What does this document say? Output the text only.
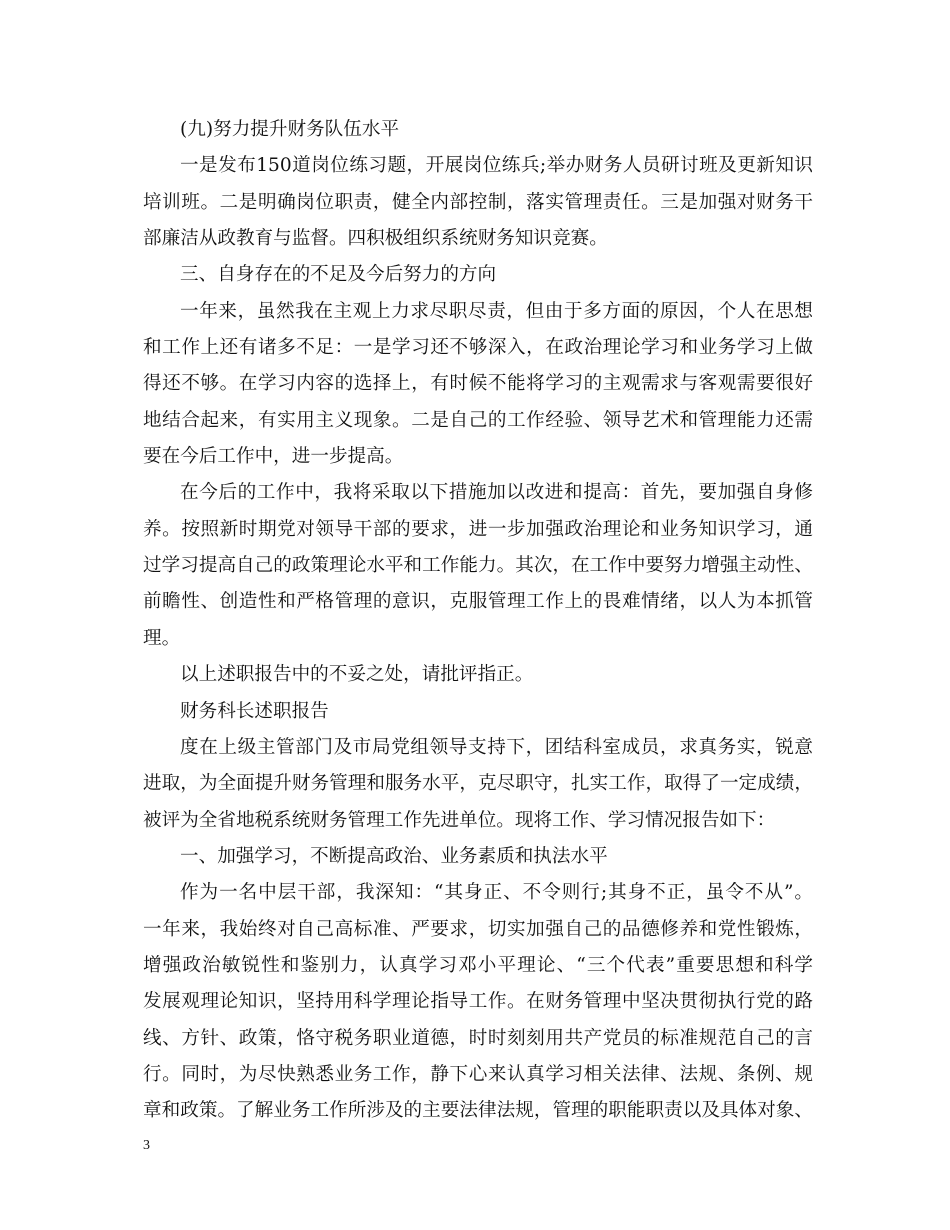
(九)努力提升财务队伍水平
一是发布150道岗位练习题，开展岗位练兵;举办财务人员研讨班及更新知识
培训班。二是明确岗位职责，健全内部控制，落实管理责任。三是加强对财务干
部廉洁从政教育与监督。四积极组织系统财务知识竞赛。
三、自身存在的不足及今后努力的方向
一年来，虽然我在主观上力求尽职尽责，但由于多方面的原因，个人在思想
和工作上还有诸多不足：一是学习还不够深入，在政治理论学习和业务学习上做
得还不够。在学习内容的选择上，有时候不能将学习的主观需求与客观需要很好
地结合起来，有实用主义现象。二是自己的工作经验、领导艺术和管理能力还需
要在今后工作中，进一步提高。
在今后的工作中，我将采取以下措施加以改进和提高：首先，要加强自身修
养。按照新时期党对领导干部的要求，进一步加强政治理论和业务知识学习，通
过学习提高自己的政策理论水平和工作能力。其次，在工作中要努力增强主动性、
前瞻性、创造性和严格管理的意识，克服管理工作上的畏难情绪，以人为本抓管
理。
以上述职报告中的不妥之处，请批评指正。
财务科长述职报告
度在上级主管部门及市局党组领导支持下，团结科室成员，求真务实，锐意
进取，为全面提升财务管理和服务水平，克尽职守，扎实工作，取得了一定成绩，
被评为全省地税系统财务管理工作先进单位。现将工作、学习情况报告如下：
一、加强学习，不断提高政治、业务素质和执法水平
作为一名中层干部，我深知：“其身正、不令则行;其身不正，虽令不从”。
一年来，我始终对自己高标准、严要求，切实加强自己的品德修养和党性锻炼，
增强政治敏锐性和鉴别力，认真学习邓小平理论、“三个代表”重要思想和科学
发展观理论知识，坚持用科学理论指导工作。在财务管理中坚决贯彻执行党的路
线、方针、政策，恪守税务职业道德，时时刻刻用共产党员的标准规范自己的言
行。同时，为尽快熟悉业务工作，静下心来认真学习相关法律、法规、条例、规
章和政策。了解业务工作所涉及的主要法律法规，管理的职能职责以及具体对象、
3
